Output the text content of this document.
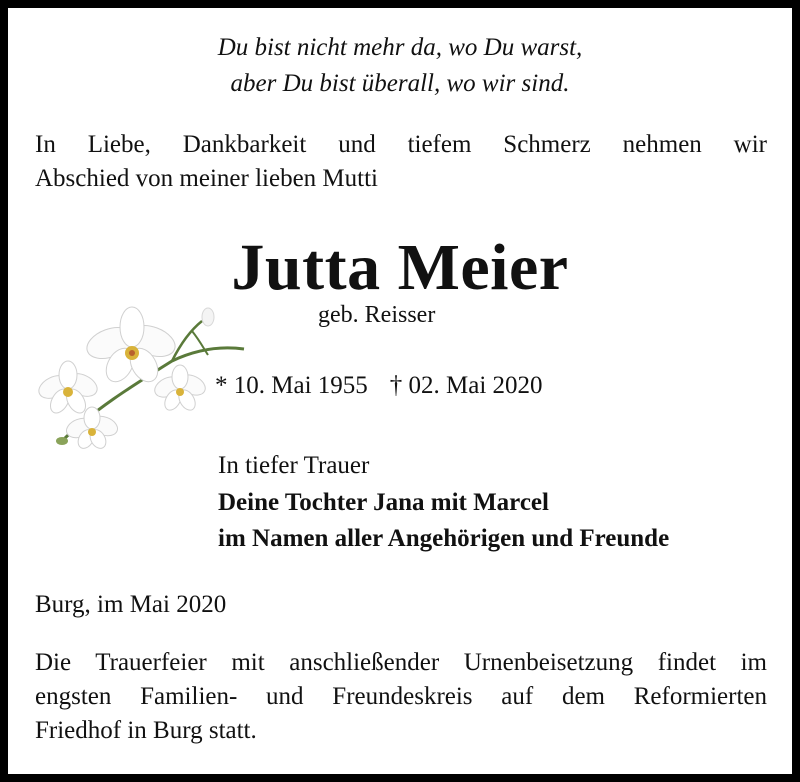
Du bist nicht mehr da, wo Du warst,
aber Du bist überall, wo wir sind.
In Liebe, Dankbarkeit und tiefem Schmerz nehmen wir
Abschied von meiner lieben Mutti
Jutta Meier
geb. Reisser
* 10. Mai 1955 † 02. Mai 2020
In tiefer Trauer
Deine Tochter Jana mit Marcel
im Namen aller Angehörigen und Freunde
Burg, im Mai 2020
Die Trauerfeier mit anschließender Urnenbeisetzung findet im
engsten Familien- und Freundeskreis auf dem Reformierten
Friedhof in Burg statt.
